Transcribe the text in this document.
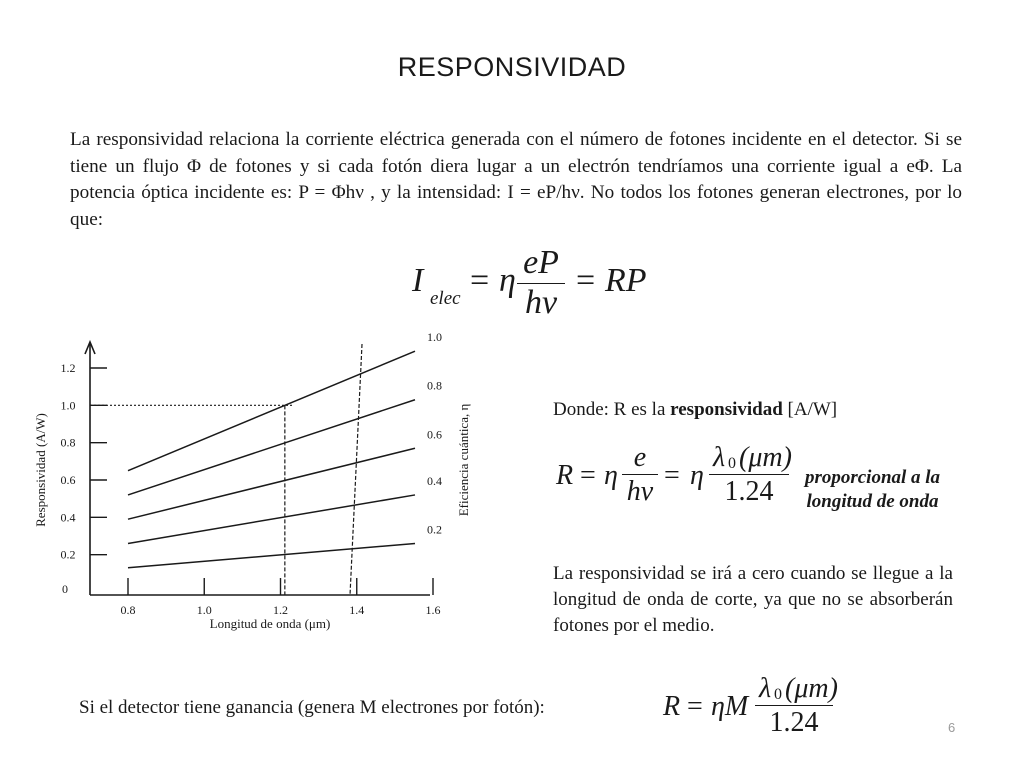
RESPONSIVIDAD

La responsividad relaciona la corriente eléctrica generada con el número de fotones incidente en el detector. Si se tiene un flujo Φ de fotones y si cada fotón diera lugar a un electrón tendríamos una corriente igual a eΦ. La potencia óptica incidente es: P = Φhν , y la intensidad: I = eP/hν. No todos los fotones generan electrones, por lo que:

I elec = η eP
hν
= RP
0
0.2
0.4
0.6
0.8
1.0
1.2
0.8	1.0	1.2	1.4	1.6
Longitud de onda (μm)
Responsividad (A/W)	Eficiencia cuántica, η
0.2
0.4
0.6
0.8
1.0
Donde: R es la responsividad [A/W]
R = η
e
hν
= η
λ 0 (μm)
1.24	proporcional a la longitud de onda

La responsividad se irá a cero cuando se llegue a la longitud de onda de corte, ya que no se absorberán fotones por el medio.

Si el detector tiene ganancia (genera M electrones por fotón):	R = ηM
λ 0 (μm)
1.24	6
